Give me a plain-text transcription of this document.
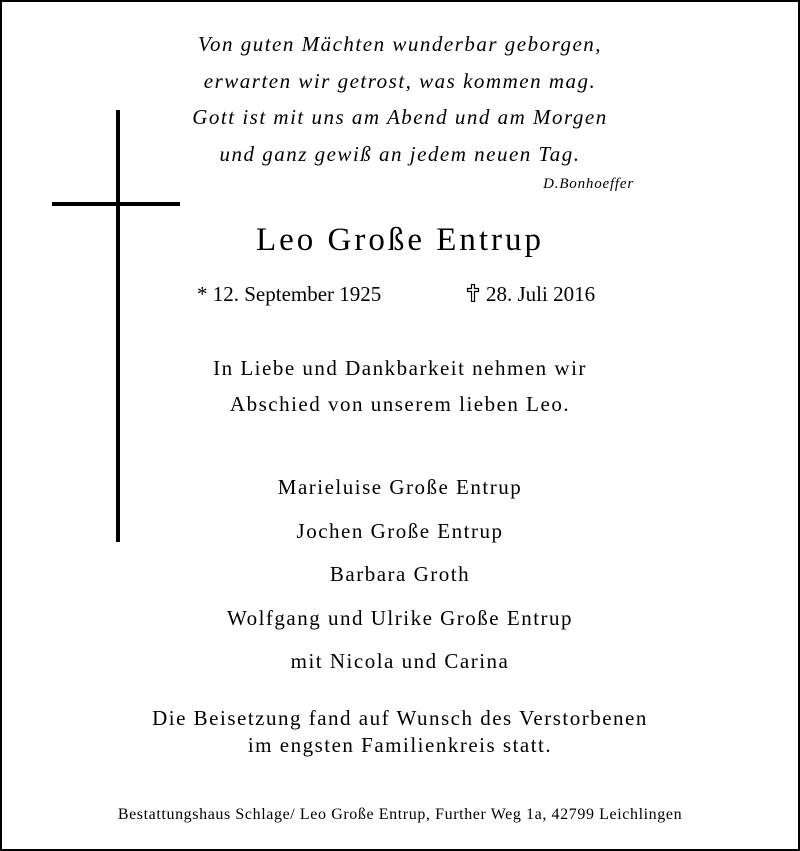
Von guten Mächten wunderbar geborgen,
erwarten wir getrost, was kommen mag.
Gott ist mit uns am Abend und am Morgen
und ganz gewiß an jedem neuen Tag.
D.Bonhoeffer
Leo Große Entrup
* 12. September 1925	28. Juli 2016
In Liebe und Dankbarkeit nehmen wir
Abschied von unserem lieben Leo.
Marieluise Große Entrup
Jochen Große Entrup
Barbara Groth
Wolfgang und Ulrike Große Entrup
mit Nicola und Carina
Die Beisetzung fand auf Wunsch des Verstorbenen
im engsten Familienkreis statt.
Bestattungshaus Schlage/ Leo Große Entrup, Further Weg 1a, 42799 Leichlingen
